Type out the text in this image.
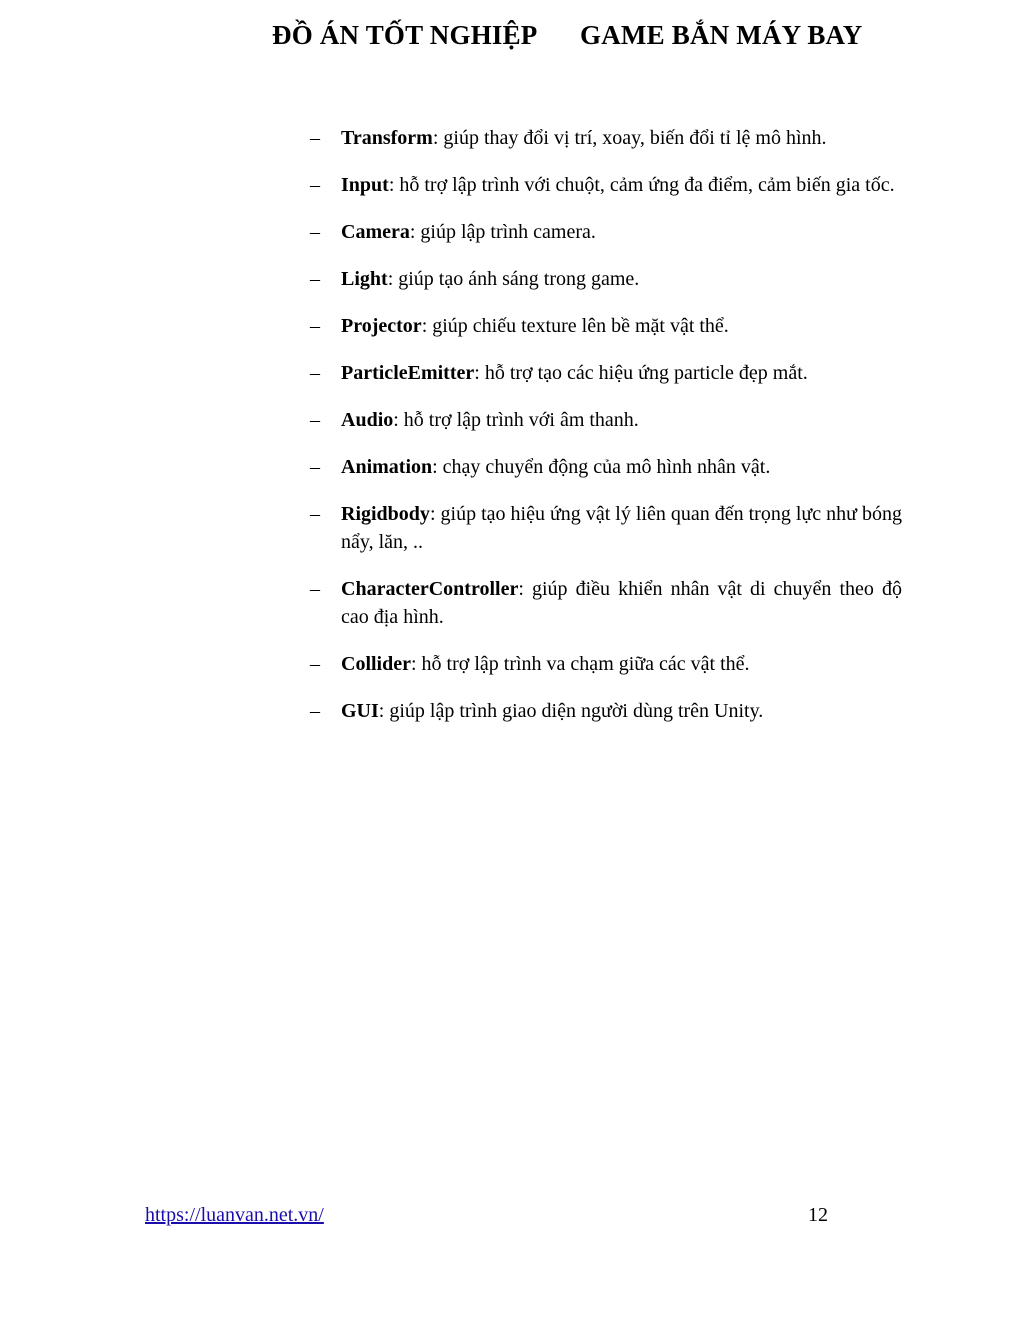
ĐỒ ÁN TỐT NGHIỆP GAME BẮN MÁY BAY
–	Transform: giúp thay đổi vị trí, xoay, biến đổi tỉ lệ mô hình.
–	Input: hỗ trợ lập trình với chuột, cảm ứng đa điểm, cảm biến gia tốc.
–	Camera: giúp lập trình camera.
–	Light: giúp tạo ánh sáng trong game.
–	Projector: giúp chiếu texture lên bề mặt vật thể.
–	ParticleEmitter: hỗ trợ tạo các hiệu ứng particle đẹp mắt.
–	Audio: hỗ trợ lập trình với âm thanh.
–	Animation: chạy chuyển động của mô hình nhân vật.
–	Rigidbody: giúp tạo hiệu ứng vật lý liên quan đến trọng lực như bóng nẩy, lăn, ..
–	CharacterController: giúp điều khiển nhân vật di chuyển theo độ cao địa hình.
–	Collider: hỗ trợ lập trình va chạm giữa các vật thể.
–	GUI: giúp lập trình giao diện người dùng trên Unity.
https://luanvan.net.vn/	12
